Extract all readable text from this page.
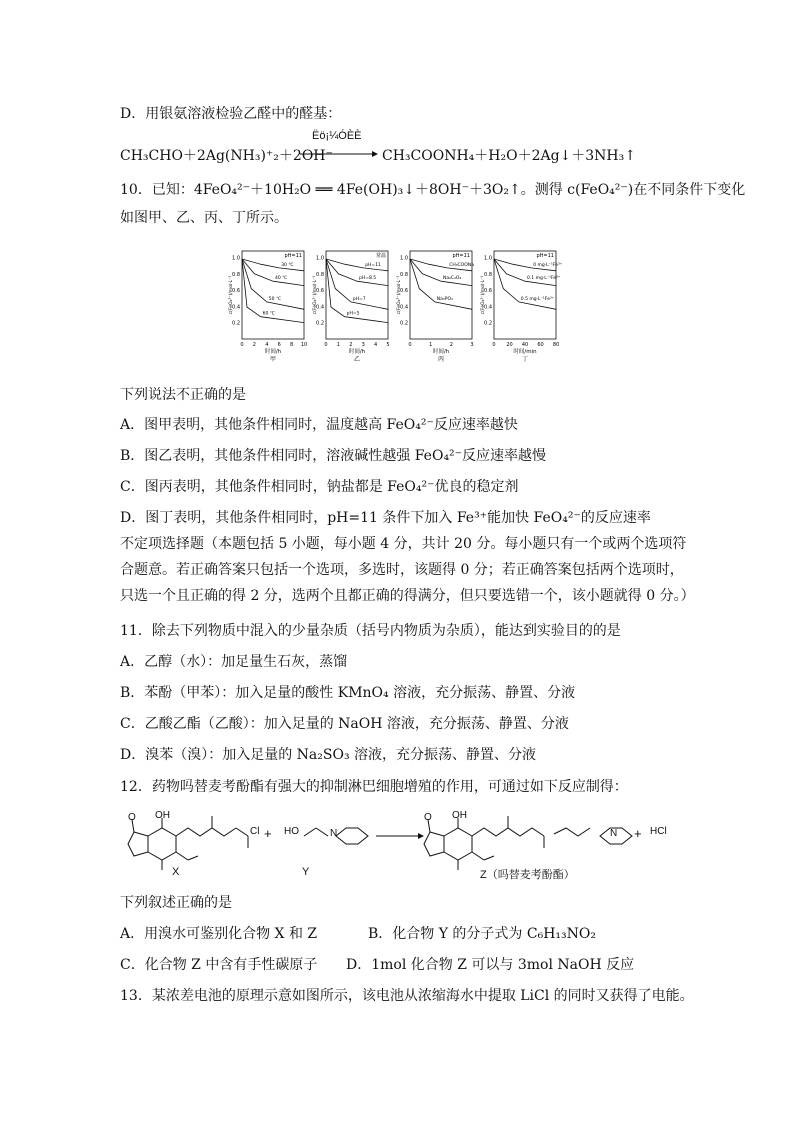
D．用银氨溶液检验乙醛中的醛基：
CH₃CHO＋2Ag(NH₃)⁺₂＋2OH⁻
Ëö¡¼ÓÈÈ
CH₃COONH₄＋H₂O＋2Ag↓＋3NH₃↑
10．已知：4FeO₄²⁻＋10H₂O ══ 4Fe(OH)₃↓＋8OH⁻＋3O₂↑。测得 c(FeO₄²⁻)在不同条件下变化
如图甲、乙、丙、丁所示。
0.2
0.4
0.6
0.8
1.0
0 2 4 6 8 10
时间/h
甲
c(FeO₄²⁻)/mol·L⁻¹
pH=11
30 ℃
40 ℃
50 ℃
60 ℃
0.2
0.4
0.6
0.8
1.0
0 1 2 3 4 5
时间/h
乙
c(FeO₄²⁻)/mol·L⁻¹
常温
pH=11
pH=8.5
pH=7
pH=5
0.2
0.4
0.6
0.8
1.0
0	1	2	3
时间/h
丙
c(FeO₄²⁻)/mol·L⁻¹
pH=11
CH₃COONa
Na₂C₂O₄
Na₃PO₄
0.2
0.4
0.6
0.8
1.0
0 20 40 60 80
时间/min
丁
c(FeO₄²⁻)/mol·L⁻¹
pH=11
0 mg·L⁻¹Fe³⁺
0.1 mg·L⁻¹Fe³⁺
0.5 mg·L⁻¹Fe³⁺
下列说法不正确的是
A．图甲表明，其他条件相同时，温度越高 FeO₄²⁻反应速率越快
B．图乙表明，其他条件相同时，溶液碱性越强 FeO₄²⁻反应速率越慢
C．图丙表明，其他条件相同时，钠盐都是 FeO₄²⁻优良的稳定剂
D．图丁表明，其他条件相同时，pH=11 条件下加入 Fe³⁺能加快 FeO₄²⁻的反应速率
不定项选择题（本题包括 5 小题，每小题 4 分，共计 20 分。每小题只有一个或两个选项符
合题意。若正确答案只包括一个选项，多选时，该题得 0 分；若正确答案包括两个选项时，
只选一个且正确的得 2 分，选两个且都正确的得满分，但只要选错一个，该小题就得 0 分。）
11．除去下列物质中混入的少量杂质（括号内物质为杂质），能达到实验目的的是
A．乙醇（水）：加足量生石灰，蒸馏
B．苯酚（甲苯）：加入足量的酸性 KMnO₄ 溶液，充分振荡、静置、分液
C．乙酸乙酯（乙酸）：加入足量的 NaOH 溶液，充分振荡、静置、分液
D．溴苯（溴）：加入足量的 Na₂SO₃ 溶液，充分振荡、静置、分液
12．药物吗替麦考酚酯有强大的抑制淋巴细胞增殖的作用，可通过如下反应制得：
O OH
Cl + HO	N
O OH
N + HCl
X	Y	Z（吗替麦考酚酯）
下列叙述正确的是
A．用溴水可鉴别化合物 X 和 Z	B．化合物 Y 的分子式为 C₆H₁₃NO₂
C．化合物 Z 中含有手性碳原子 D．1mol 化合物 Z 可以与 3mol NaOH 反应
13．某浓差电池的原理示意如图所示，该电池从浓缩海水中提取 LiCl 的同时又获得了电能。
